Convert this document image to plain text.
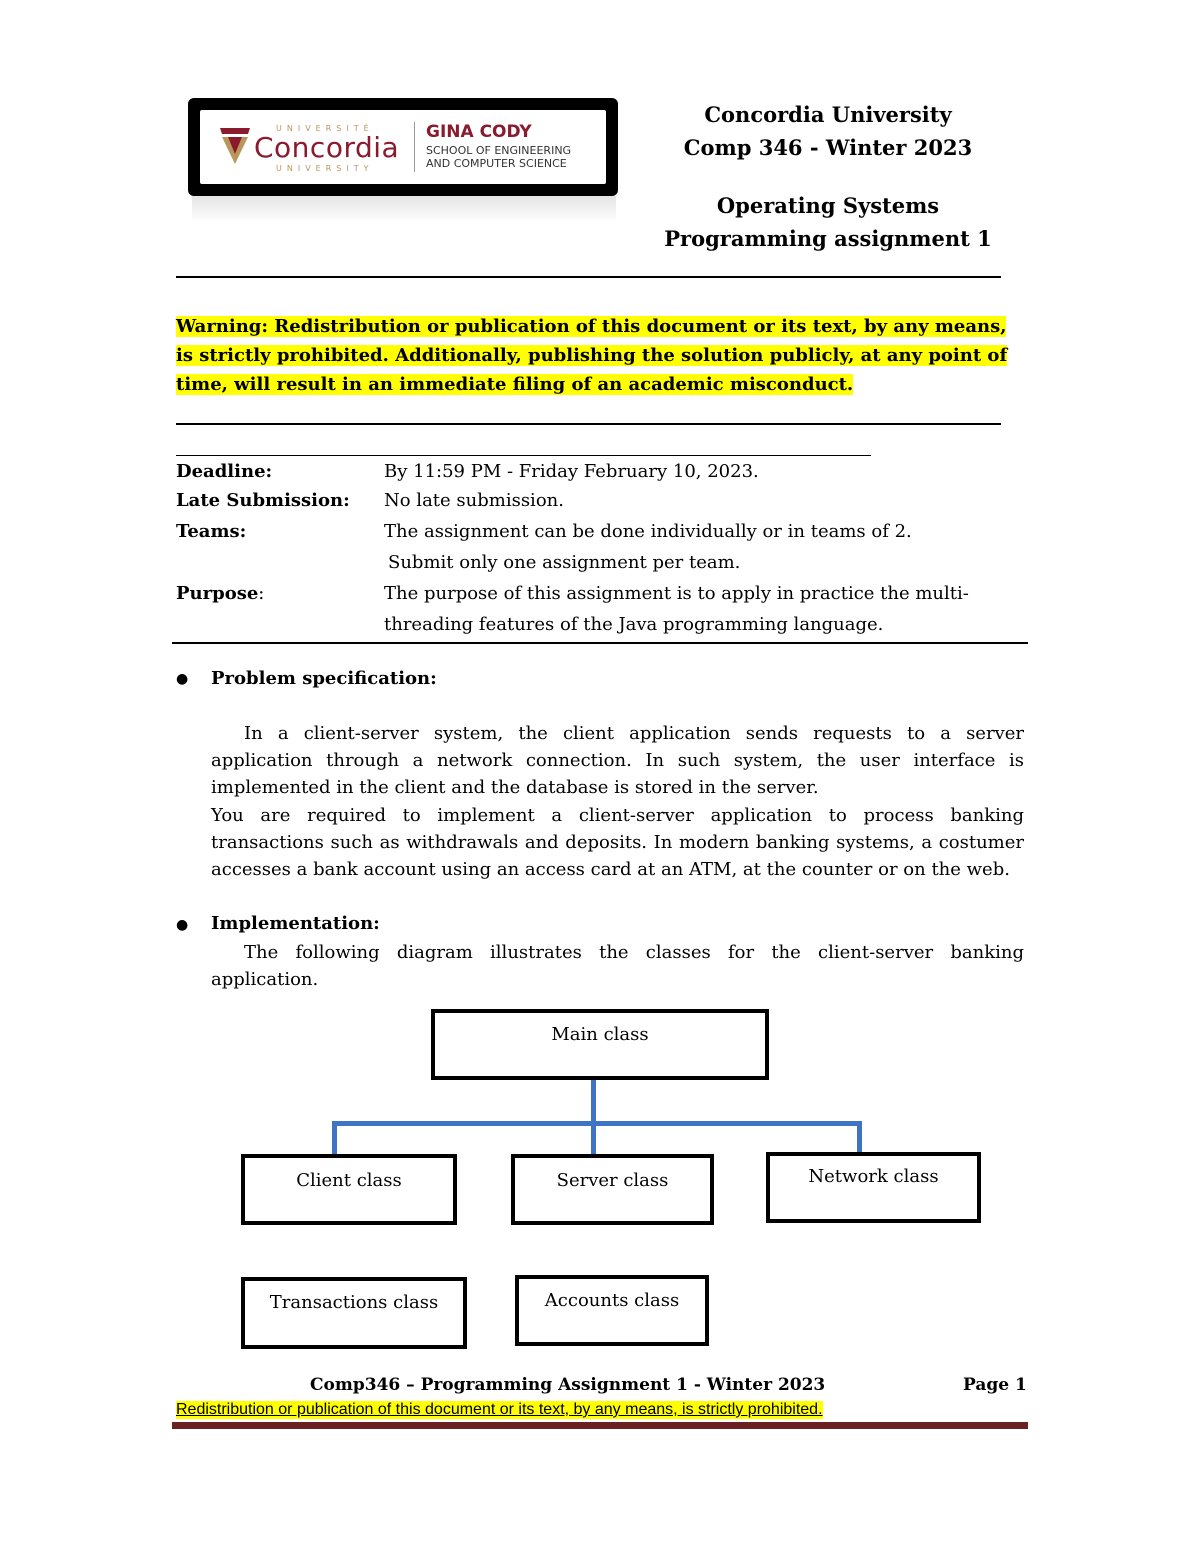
UNIVERSITÉ
Concordia
UNIVERSITY
GINA CODY
SCHOOL OF ENGINEERING
AND COMPUTER SCIENCE
Concordia University
Comp 346 - Winter 2023
Operating Systems
Programming assignment 1
Warning: Redistribution or publication of this document or its text, by any means,
is strictly prohibited. Additionally, publishing the solution publicly, at any point of
time, will result in an immediate filing of an academic misconduct.
Deadline:	By 11:59 PM - Friday February 10, 2023.
Late Submission: No late submission.
Teams:	The assignment can be done individually or in teams of 2.
Submit only one assignment per team.
Purpose:	The purpose of this assignment is to apply in practice the multi-
threading features of the Java programming language.
● Problem specification:
In a client-server system, the client application sends requests to a server application through a network connection. In such system, the user interface is implemented in the client and the database is stored in the server.
You are required to implement a client-server application to process banking transactions such as withdrawals and deposits. In modern banking systems, a costumer accesses a bank account using an access card at an ATM, at the counter or on the web.
● Implementation:
The following diagram illustrates the classes for the client-server banking application.
Main class
Client class	Server class	Network class
Transactions class	Accounts class
Comp346 – Programming Assignment 1 - Winter 2023	Page 1
Redistribution or publication of this document or its text, by any means, is strictly prohibited.
